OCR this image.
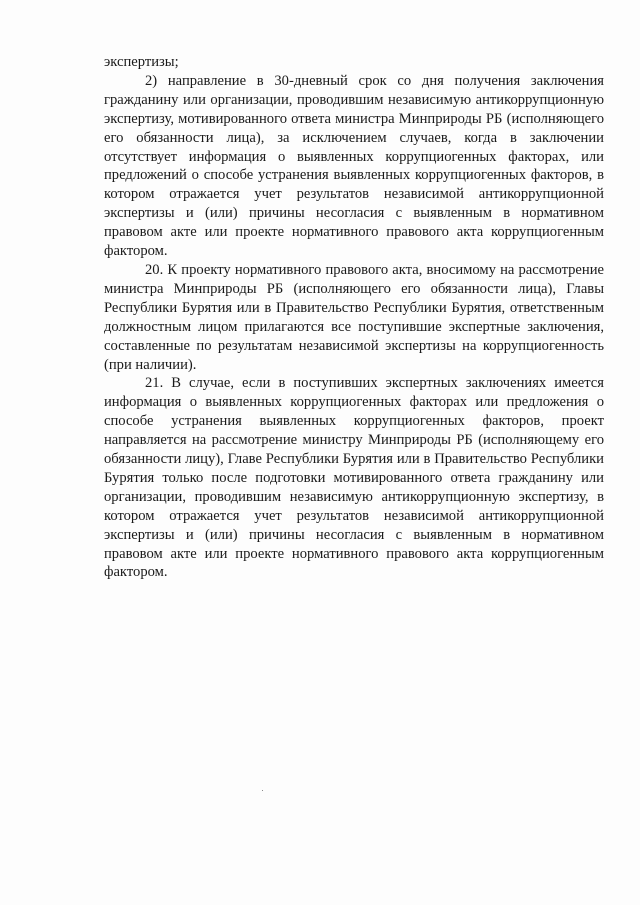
экспертизы;

2) направление в 30-дневный срок со дня получения заключения гражданину или организации, проводившим независимую антикоррупционную экспертизу, мотивированного ответа министра Минприроды РБ (исполняющего его обязанности лица), за исключением случаев, когда в заключении отсутствует информация о выявленных коррупциогенных факторах, или предложений о способе устранения выявленных коррупциогенных факторов, в котором отражается учет результатов независимой антикоррупционной экспертизы и (или) причины несогласия с выявленным в нормативном правовом акте или проекте нормативного правового акта коррупциогенным фактором.

20. К проекту нормативного правового акта, вносимому на рассмотрение министра Минприроды РБ (исполняющего его обязанности лица), Главы Республики Бурятия или в Правительство Республики Бурятия, ответственным должностным лицом прилагаются все поступившие экспертные заключения, составленные по результатам независимой экспертизы на коррупциогенность (при наличии).

21. В случае, если в поступивших экспертных заключениях имеется информация о выявленных коррупциогенных факторах или предложения о способе устранения выявленных коррупциогенных факторов, проект направляется на рассмотрение министру Минприроды РБ (исполняющему его обязанности лицу), Главе Республики Бурятия или в Правительство Республики Бурятия только после подготовки мотивированного ответа гражданину или организации, проводившим независимую антикоррупционную экспертизу, в котором отражается учет результатов независимой антикоррупционной экспертизы и (или) причины несогласия с выявленным в нормативном правовом акте или проекте нормативного правового акта коррупциогенным фактором.
